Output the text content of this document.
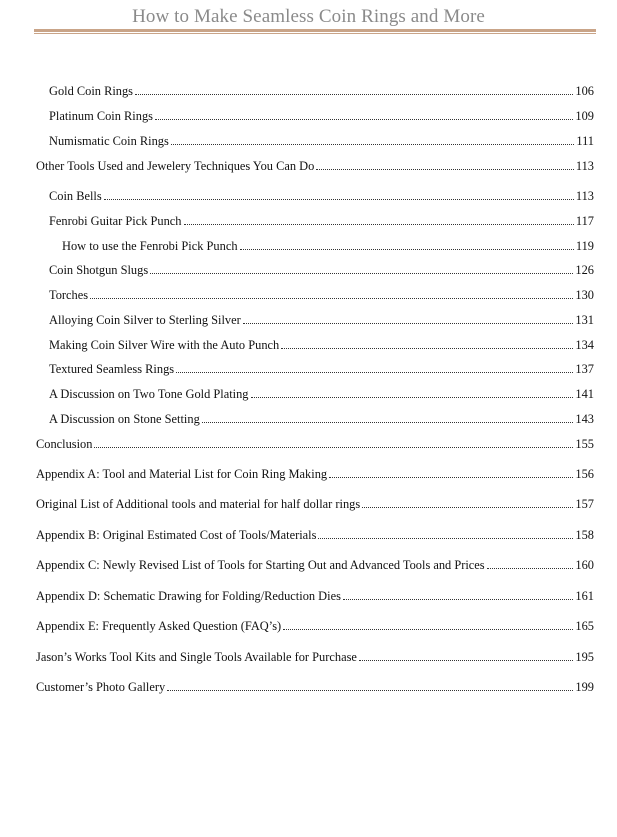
How to Make Seamless Coin Rings and More
Gold Coin Rings	106
Platinum Coin Rings	109
Numismatic Coin Rings	111
Other Tools Used and Jewelery Techniques You Can Do	113
Coin Bells	113
Fenrobi Guitar Pick Punch	117
How to use the Fenrobi Pick Punch	119
Coin Shotgun Slugs	126
Torches	130
Alloying Coin Silver to Sterling Silver	131
Making Coin Silver Wire with the Auto Punch	134
Textured Seamless Rings	137
A Discussion on Two Tone Gold Plating	141
A Discussion on Stone Setting	143
Conclusion	155
Appendix A: Tool and Material List for Coin Ring Making	156
Original List of Additional tools and material for half dollar rings	157
Appendix B: Original Estimated Cost of Tools/Materials	158
Appendix C: Newly Revised List of Tools for Starting Out and Advanced Tools and Prices	160
Appendix D: Schematic Drawing for Folding/Reduction Dies	161
Appendix E: Frequently Asked Question (FAQ’s)	165
Jason’s Works Tool Kits and Single Tools Available for Purchase	195
Customer’s Photo Gallery	199
